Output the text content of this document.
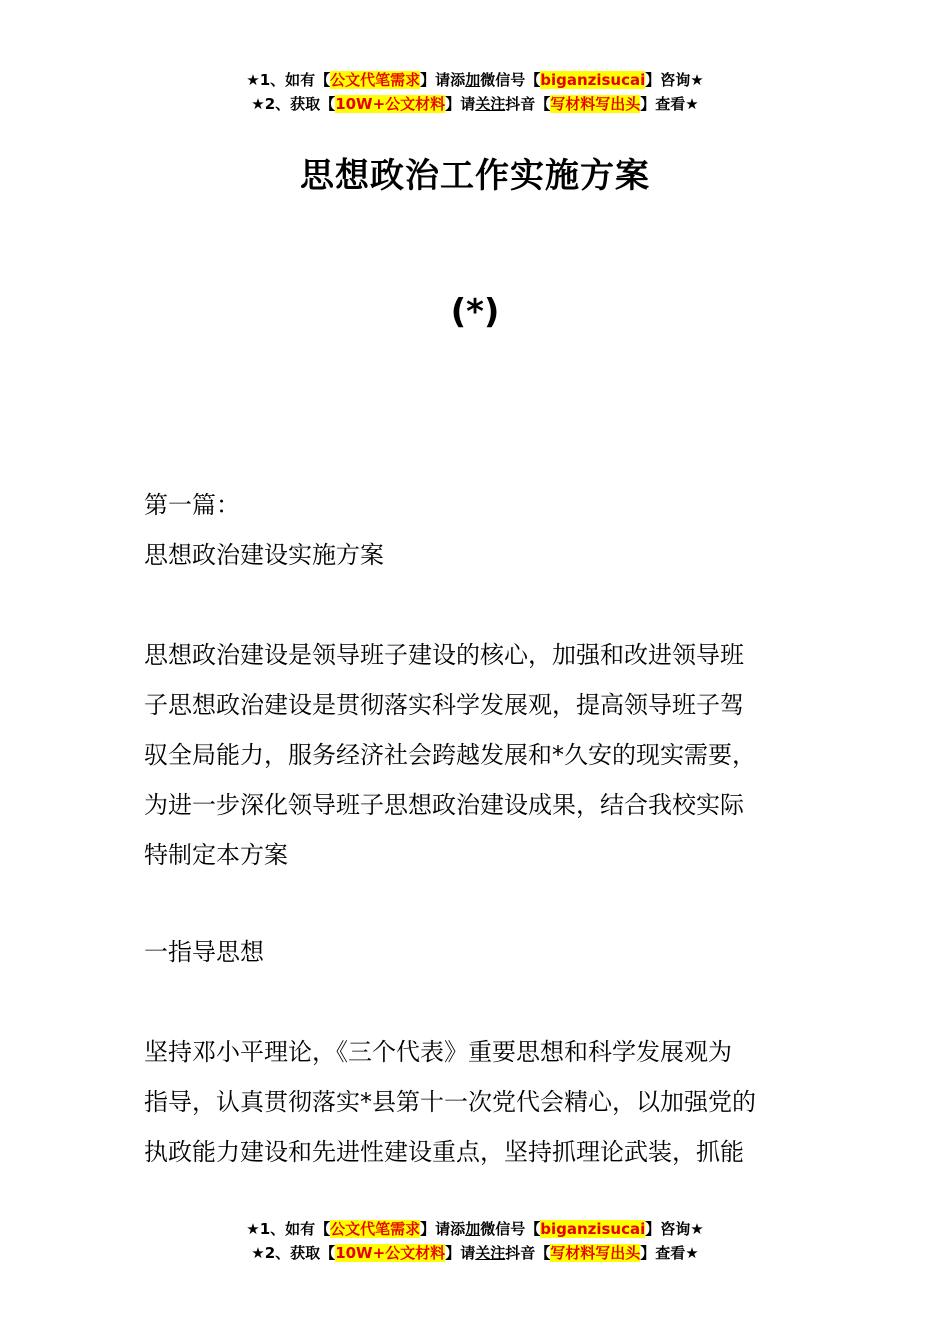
★1、如有【公文代笔需求】请添加微信号【biganzisucai】咨询★
★2、获取【10W+公文材料】请关注抖音【写材料写出头】查看★
思想政治工作实施方案
(*)
第一篇：
思想政治建设实施方案
思想政治建设是领导班子建设的核心，加强和改进领导班
子思想政治建设是贯彻落实科学发展观，提高领导班子驾
驭全局能力，服务经济社会跨越发展和*久安的现实需要，
为进一步深化领导班子思想政治建设成果，结合我校实际
特制定本方案
一指导思想
坚持邓小平理论，《三个代表》重要思想和科学发展观为
指导，认真贯彻落实*县第十一次党代会精心，以加强党的
执政能力建设和先进性建设重点，坚持抓理论武装，抓能
★1、如有【公文代笔需求】请添加微信号【biganzisucai】咨询★
★2、获取【10W+公文材料】请关注抖音【写材料写出头】查看★
